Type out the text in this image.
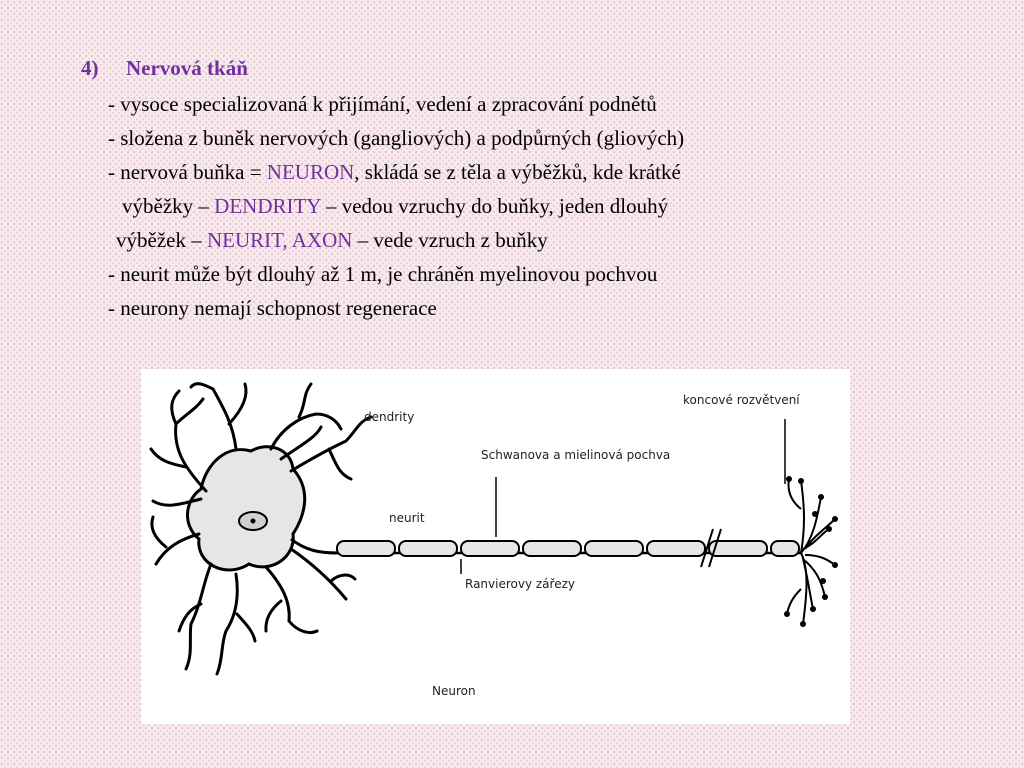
4) Nervová tkáň
- vysoce specializovaná k přijímání, vedení a zpracování podnětů
- složena z buněk nervových (gangliových) a podpůrných (gliových)
- nervová buňka = NEURON, skládá se z těla a výběžků, kde krátké
výběžky – DENDRITY – vedou vzruchy do buňky, jeden dlouhý
výběžek – NEURIT, AXON – vede vzruch z buňky
- neurit může být dlouhý až 1 m, je chráněn myelinovou pochvou
- neurony nemají schopnost regenerace
dendrity
koncové rozvětvení
Schwanova a mielinová pochva
neurit
Ranvierovy zářezy
Neuron
